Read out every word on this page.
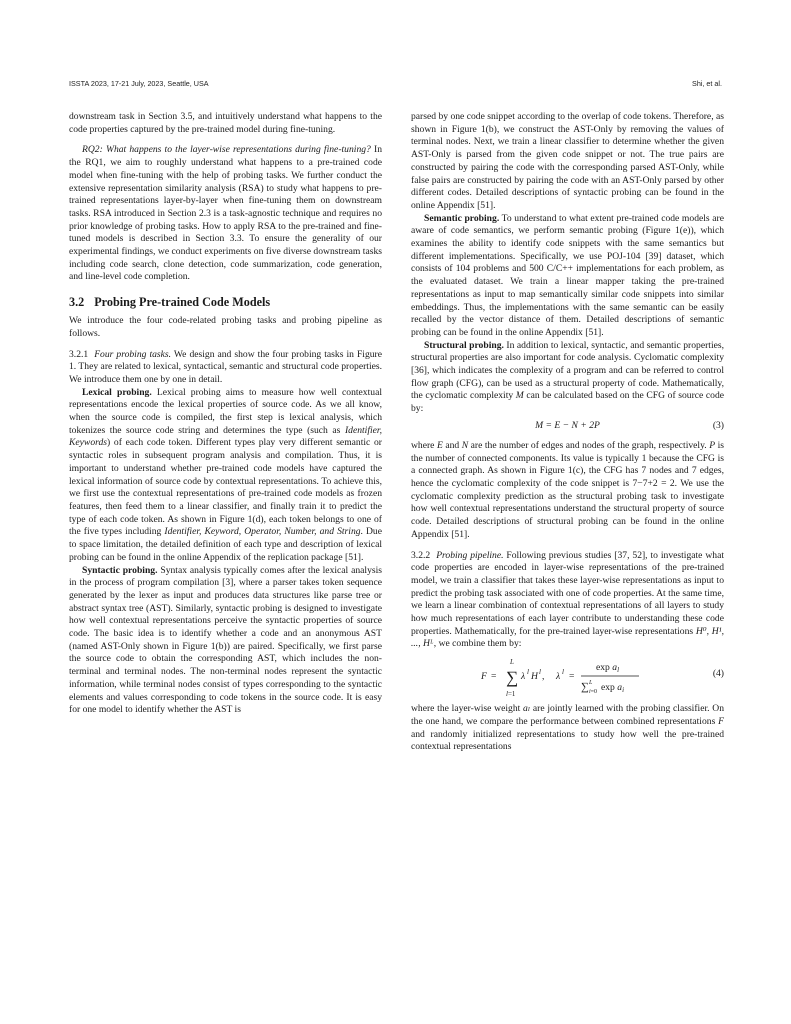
ISSTA 2023, 17-21 July, 2023, Seattle, USA	Shi, et al.

downstream task in Section 3.5, and intuitively understand what happens to the code properties captured by the pre-trained model during fine-tuning.

RQ2: What happens to the layer-wise representations during fine-tuning? In the RQ1, we aim to roughly understand what happens to a pre-trained code model when fine-tuning with the help of probing tasks. We further conduct the extensive representation similarity analysis (RSA) to study what happens to pre-trained representations layer-by-layer when fine-tuning them on downstream tasks. RSA introduced in Section 2.3 is a task-agnostic technique and requires no prior knowledge of probing tasks. How to apply RSA to the pre-trained and fine-tuned models is described in Section 3.3. To ensure the generality of our experimental findings, we conduct experiments on five diverse downstream tasks including code search, clone detection, code summarization, code generation, and line-level code completion.

3.2 Probing Pre-trained Code Models

We introduce the four code-related probing tasks and probing pipeline as follows.

3.2.1 Four probing tasks. We design and show the four probing tasks in Figure 1. They are related to lexical, syntactical, semantic and structural code properties. We introduce them one by one in detail.

Lexical probing. Lexical probing aims to measure how well contextual representations encode the lexical properties of source code. As we all know, when the source code is compiled, the first step is lexical analysis, which tokenizes the source code string and determines the type (such as Identifier, Keywords) of each code token. Different types play very different semantic or syntactic roles in subsequent program analysis and compilation. Thus, it is important to understand whether pre-trained code models have captured the lexical information of source code by contextual representations. To achieve this, we first use the contextual representations of pre-trained code models as frozen features, then feed them to a linear classifier, and finally train it to predict the type of each code token. As shown in Figure 1(d), each token belongs to one of the five types including Identifier, Keyword, Operator, Number, and String. Due to space limitation, the detailed definition of each type and description of lexical probing can be found in the online Appendix of the replication package [51].

Syntactic probing. Syntax analysis typically comes after the lexical analysis in the process of program compilation [3], where a parser takes token sequence generated by the lexer as input and produces data structures like parse tree or abstract syntax tree (AST). Similarly, syntactic probing is designed to investigate how well contextual representations perceive the syntactic properties of source code. The basic idea is to identify whether a code and an anonymous AST (named AST-Only shown in Figure 1(b)) are paired. Specifically, we first parse the source code to obtain the corresponding AST, which includes the non-terminal and terminal nodes. The non-terminal nodes represent the syntactic information, while terminal nodes consist of types corresponding to the syntactic elements and values corresponding to code tokens in the source code. It is easy for one model to identify whether the AST is

parsed by one code snippet according to the overlap of code tokens. Therefore, as shown in Figure 1(b), we construct the AST-Only by removing the values of terminal nodes. Next, we train a linear classifier to determine whether the given AST-Only is parsed from the given code snippet or not. The true pairs are constructed by pairing the code with the corresponding parsed AST-Only, while false pairs are constructed by pairing the code with an AST-Only parsed by other different codes. Detailed descriptions of syntactic probing can be found in the online Appendix [51].

Semantic probing. To understand to what extent pre-trained code models are aware of code semantics, we perform semantic probing (Figure 1(e)), which examines the ability to identify code snippets with the same semantics but different implementations. Specifically, we use POJ-104 [39] dataset, which consists of 104 problems and 500 C/C++ implementations for each problem, as the evaluated dataset. We train a linear mapper taking the pre-trained representations as input to map semantically similar code snippets into similar embeddings. Thus, the implementations with the same semantic can be easily recalled by the vector distance of them. Detailed descriptions of semantic probing can be found in the online Appendix [51].

Structural probing. In addition to lexical, syntactic, and semantic properties, structural properties are also important for code analysis. Cyclomatic complexity [36], which indicates the complexity of a program and can be referred to control flow graph (CFG), can be used as a structural property of code. Mathematically, the cyclomatic complexity M can be calculated based on the CFG of source code by:

M = E − N + 2P	(3)

where E and N are the number of edges and nodes of the graph, respectively. P is the number of connected components. Its value is typically 1 because the CFG is a connected graph. As shown in Figure 1(c), the CFG has 7 nodes and 7 edges, hence the cyclomatic complexity of the code snippet is 7−7+2 = 2. We use the cyclomatic complexity prediction as the structural probing task to investigate how well contextual representations understand the structural property of source code. Detailed descriptions of structural probing can be found in the online Appendix [51].

3.2.2 Probing pipeline. Following previous studies [37, 52], to investigate what code properties are encoded in layer-wise representations of the pre-trained model, we train a classifier that takes these layer-wise representations as input to predict the probing task associated with one of code properties. At the same time, we learn a linear combination of contextual representations of all layers to study how much representations of each layer contribute to understanding these code properties. Mathematically, for the pre-trained layer-wise representations H⁰, H¹, ..., Hᴸ, we combine them by:

F = ∑
L
l=1
λ l H l , λ l =
$\exp a_l$
∑ L
i=0 $\exp a_i$
(4)

where the layer-wise weight aₗ are jointly learned with the probing classifier. On the one hand, we compare the performance between combined representations F and randomly initialized representations to study how well the pre-trained contextual representations
